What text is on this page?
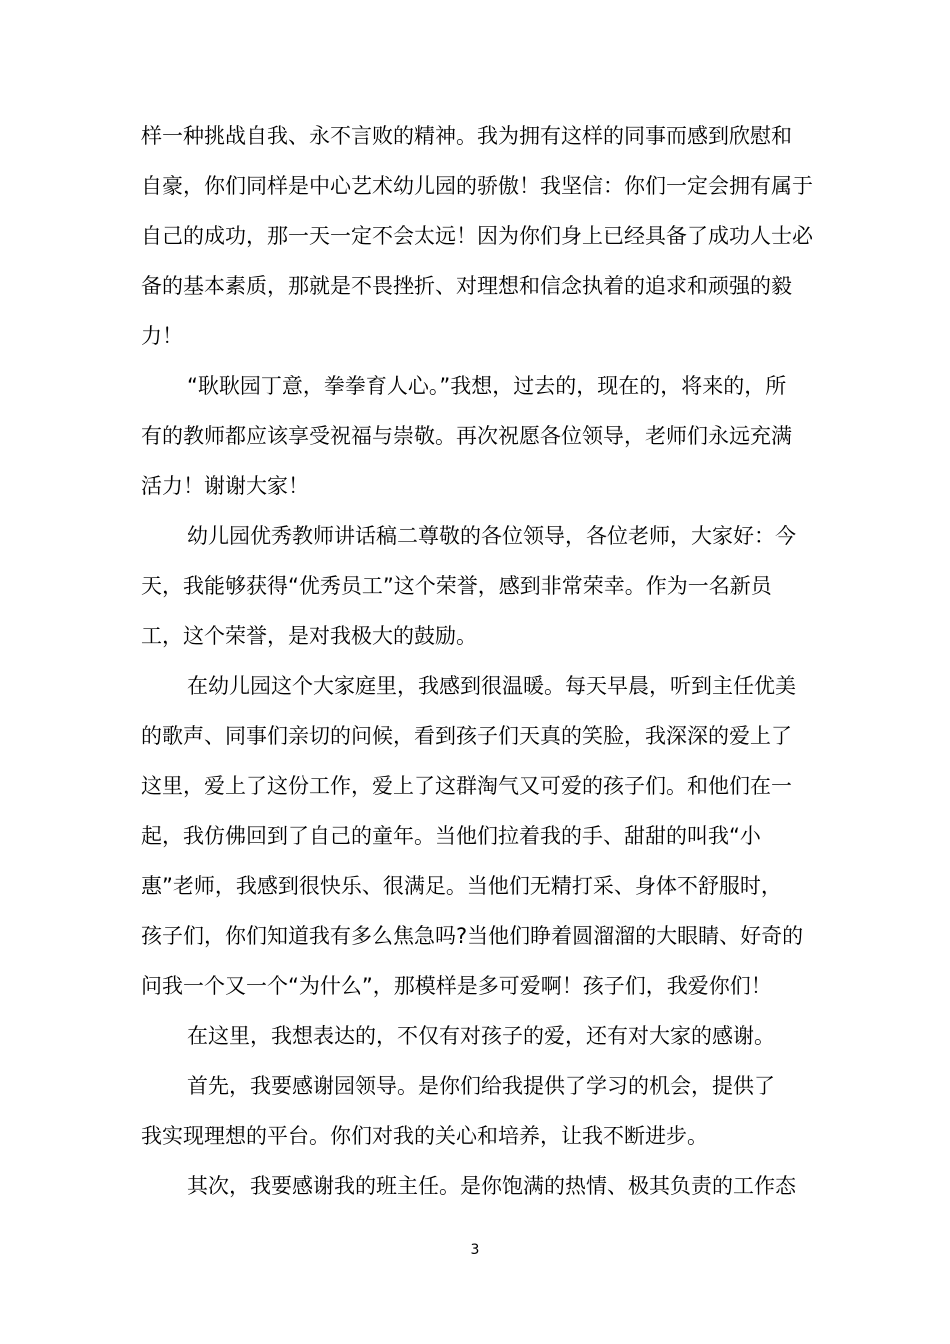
样一种挑战自我、永不言败的精神。我为拥有这样的同事而感到欣慰和
自豪，你们同样是中心艺术幼儿园的骄傲！我坚信：你们一定会拥有属于
自己的成功，那一天一定不会太远！因为你们身上已经具备了成功人士必
备的基本素质，那就是不畏挫折、对理想和信念执着的追求和顽强的毅
力！
“耿耿园丁意，拳拳育人心。”我想，过去的，现在的，将来的，所
有的教师都应该享受祝福与崇敬。再次祝愿各位领导，老师们永远充满
活力！谢谢大家！
幼儿园优秀教师讲话稿二尊敬的各位领导，各位老师，大家好：今
天，我能够获得“优秀员工”这个荣誉，感到非常荣幸。作为一名新员
工，这个荣誉，是对我极大的鼓励。
在幼儿园这个大家庭里，我感到很温暖。每天早晨，听到主任优美
的歌声、同事们亲切的问候，看到孩子们天真的笑脸，我深深的爱上了
这里，爱上了这份工作，爱上了这群淘气又可爱的孩子们。和他们在一
起，我仿佛回到了自己的童年。当他们拉着我的手、甜甜的叫我“小
惠”老师，我感到很快乐、很满足。当他们无精打采、身体不舒服时，
孩子们，你们知道我有多么焦急吗?当他们睁着圆溜溜的大眼睛、好奇的
问我一个又一个“为什么”，那模样是多可爱啊！孩子们，我爱你们！
在这里，我想表达的，不仅有对孩子的爱，还有对大家的感谢。
首先，我要感谢园领导。是你们给我提供了学习的机会，提供了
我实现理想的平台。你们对我的关心和培养，让我不断进步。
其次，我要感谢我的班主任。是你饱满的热情、极其负责的工作态
3
